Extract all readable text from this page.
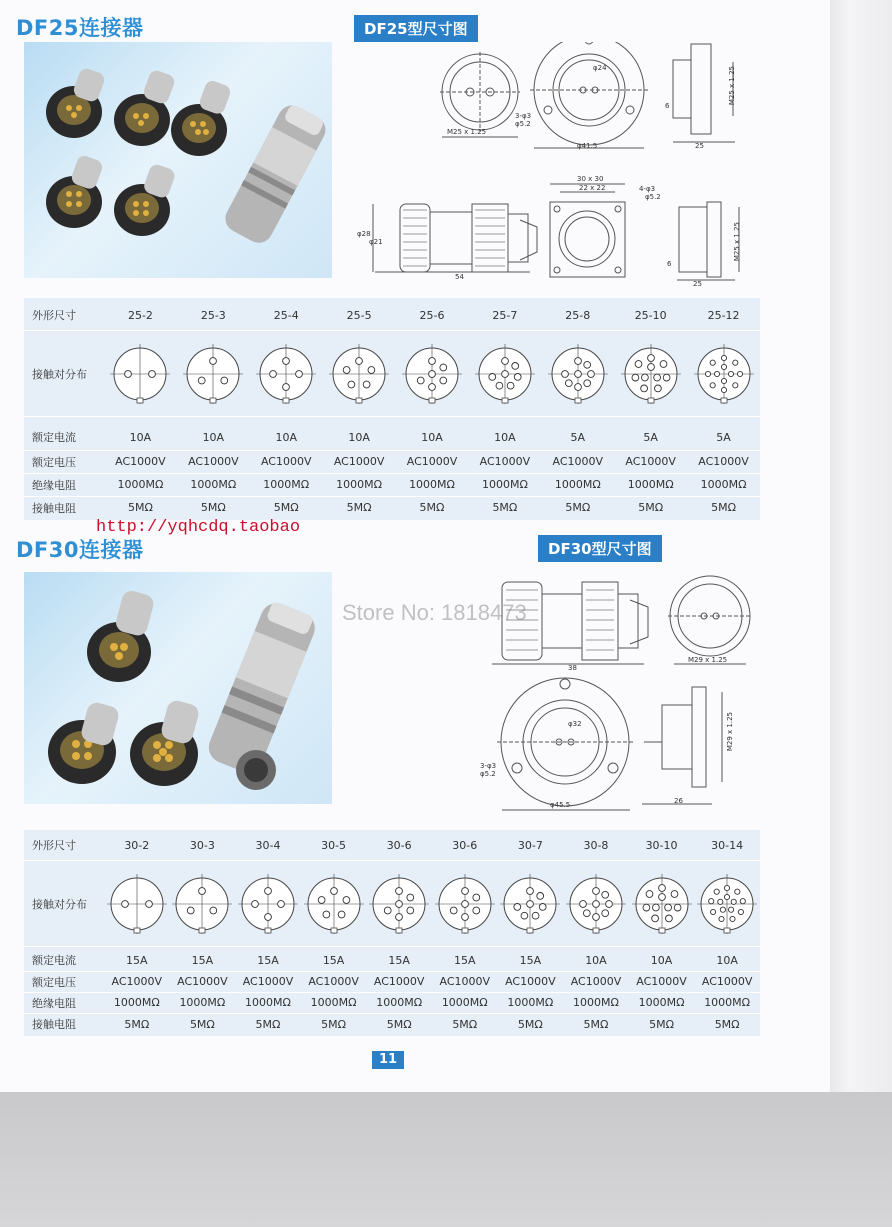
DF25连接器	DF25型尺寸图
M25 x 1.25
φ41.5
3-φ3
φ5.2
φ24	M25 x 1.25
25
6
φ28
φ21
54
30 x 30
22 x 22	4-φ3
φ5.2
M25 x 1.25
25
6
外形尺寸	25-2	25-3	25-4	25-5	25-6	25-7	25-8	25-10	25-12
接触对分布
额定电流	10A	10A	10A	10A	10A	10A	5A	5A	5A
额定电压	AC1000V	AC1000V	AC1000V	AC1000V	AC1000V	AC1000V	AC1000V	AC1000V	AC1000V
绝缘电阻	1000MΩ	1000MΩ	1000MΩ	1000MΩ	1000MΩ	1000MΩ	1000MΩ	1000MΩ	1000MΩ
接触电阻	5MΩ	5MΩ	5MΩ	5MΩ	5MΩ	5MΩ	5MΩ	5MΩ	5MΩ
http://yqhcdq.taobao
DF30连接器	DF30型尺寸图
38
M29 x 1.25
φ45.5
3-φ3
φ5.2
φ32	M29 x 1.25
26
Store No: 1818473
外形尺寸	30-2	30-3	30-4	30-5	30-6	30-6	30-7	30-8	30-10	30-14
接触对分布
额定电流	15A	15A	15A	15A	15A	15A	15A	10A	10A	10A
额定电压	AC1000V	AC1000V	AC1000V	AC1000V	AC1000V	AC1000V	AC1000V	AC1000V	AC1000V	AC1000V
绝缘电阻	1000MΩ	1000MΩ	1000MΩ	1000MΩ	1000MΩ	1000MΩ	1000MΩ	1000MΩ	1000MΩ	1000MΩ
接触电阻	5MΩ	5MΩ	5MΩ	5MΩ	5MΩ	5MΩ	5MΩ	5MΩ	5MΩ	5MΩ
11
